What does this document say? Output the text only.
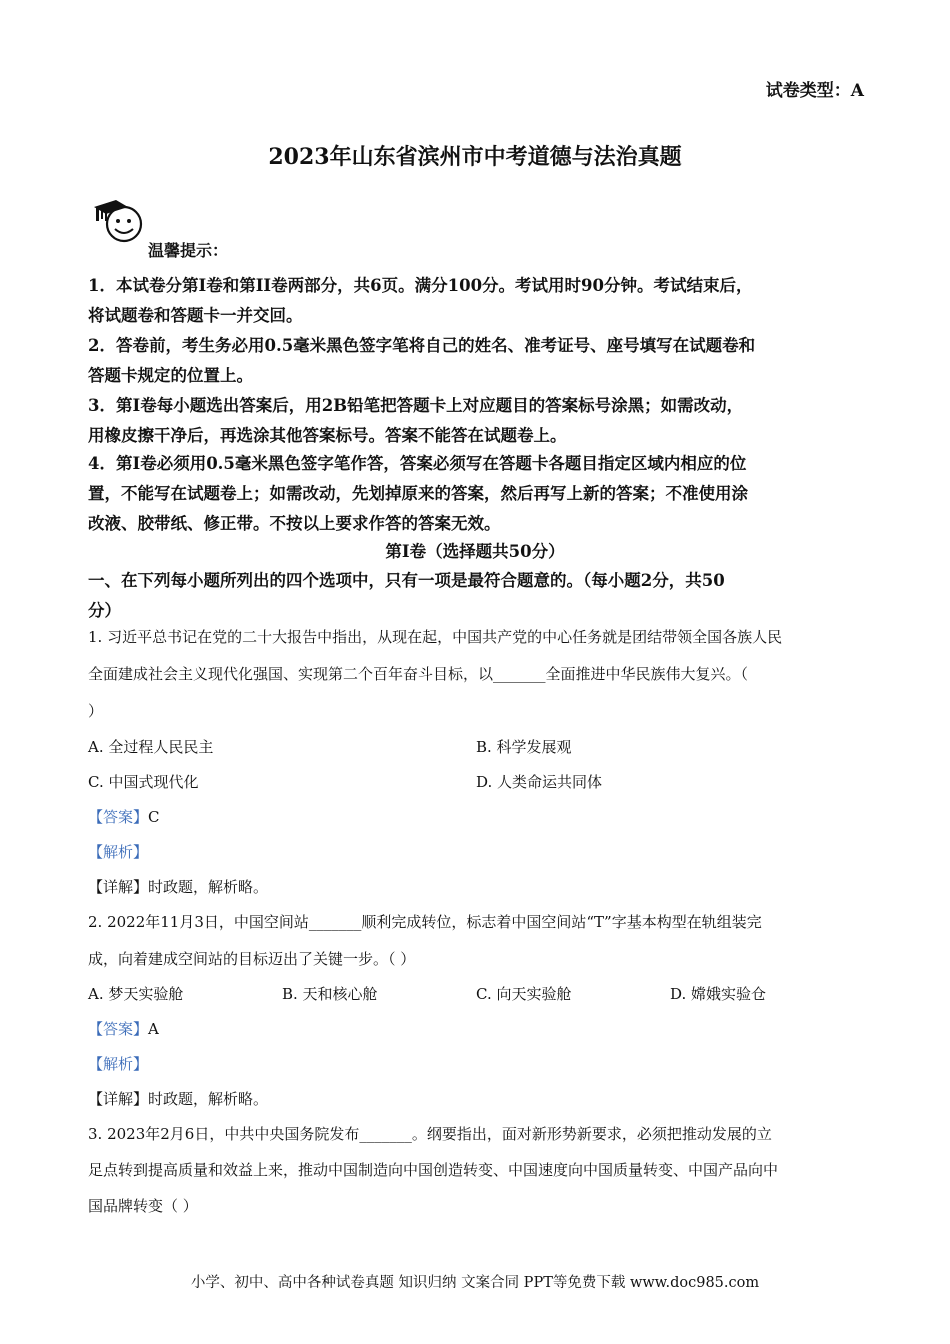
试卷类型：A
2023年山东省滨州市中考道德与法治真题
温馨提示：
1．本试卷分第I卷和第II卷两部分，共6页。满分100分。考试用时90分钟。考试结束后，
将试题卷和答题卡一并交回。
2．答卷前，考生务必用0.5毫米黑色签字笔将自己的姓名、准考证号、座号填写在试题卷和
答题卡规定的位置上。
3．第Ⅰ卷每小题选出答案后，用2B铅笔把答题卡上对应题目的答案标号涂黑；如需改动，
用橡皮擦干净后，再选涂其他答案标号。答案不能答在试题卷上。
4．第I卷必须用0.5毫米黑色签字笔作答，答案必须写在答题卡各题目指定区域内相应的位
置，不能写在试题卷上；如需改动，先划掉原来的答案，然后再写上新的答案；不准使用涂
改液、胶带纸、修正带。不按以上要求作答的答案无效。
第Ⅰ卷（选择题共50分）
一、在下列每小题所列出的四个选项中，只有一项是最符合题意的。（每小题2分，共50
分）
1. 习近平总书记在党的二十大报告中指出，从现在起，中国共产党的中心任务就是团结带领全国各族人民
全面建成社会主义现代化强国、实现第二个百年奋斗目标，以_______全面推进中华民族伟大复兴。（
）
A. 全过程人民民主	B. 科学发展观
C. 中国式现代化	D. 人类命运共同体
【答案】C
【解析】
【详解】时政题，解析略。
2. 2022年11月3日，中国空间站_______顺利完成转位，标志着中国空间站“T”字基本构型在轨组装完
成，向着建成空间站的目标迈出了关键一步。（ ）
A. 梦天实验舱	B. 天和核心舱	C. 向天实验舱	D. 嫦娥实验仓
【答案】A
【解析】
【详解】时政题，解析略。
3. 2023年2月6日，中共中央国务院发布_______。纲要指出，面对新形势新要求，必须把推动发展的立
足点转到提高质量和效益上来，推动中国制造向中国创造转变、中国速度向中国质量转变、中国产品向中
国品牌转变（ ）
小学、初中、高中各种试卷真题 知识归纳 文案合同 PPT等免费下载 www.doc985.com
